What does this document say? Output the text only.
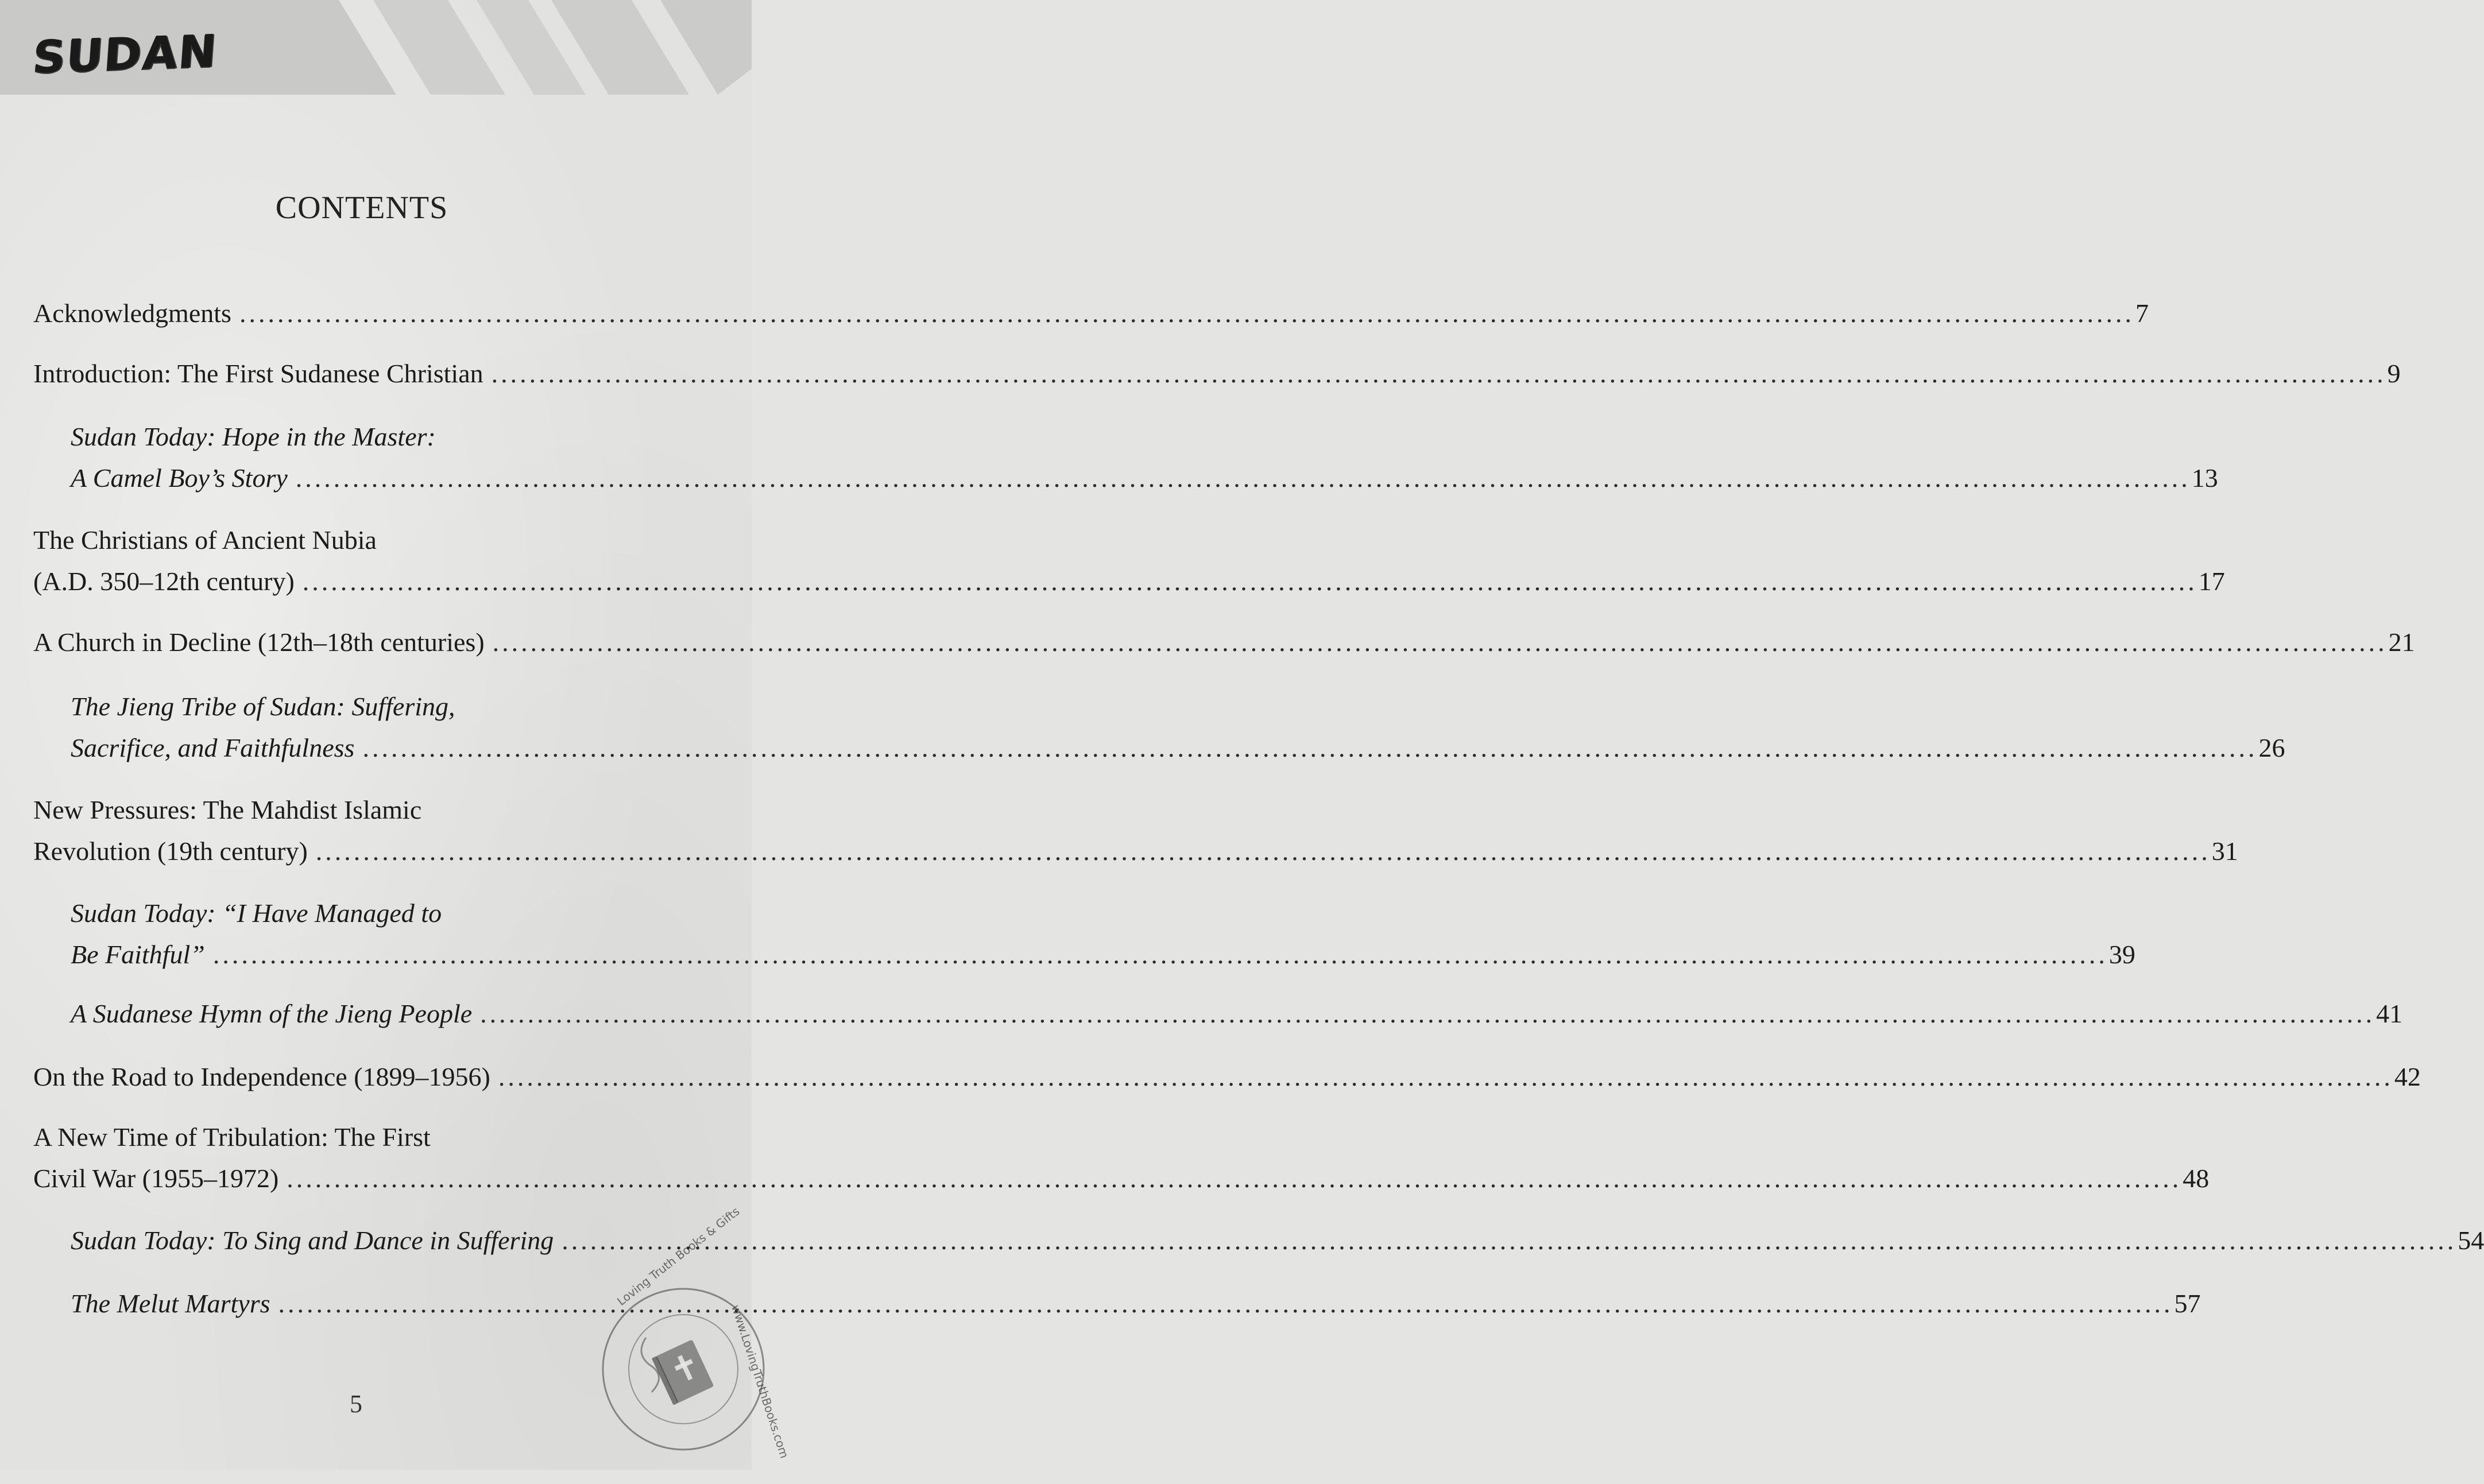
SUDAN
CONTENTS
Acknowledgments ........................................................................................................................................................................................................ 7
Introduction: The First Sudanese Christian ........................................................................................................................................................................................................ 9
Sudan Today: Hope in the Master:
A Camel Boy’s Story ........................................................................................................................................................................................................ 13
The Christians of Ancient Nubia
(A.D. 350–12th century) ........................................................................................................................................................................................................ 17
A Church in Decline (12th–18th centuries) ........................................................................................................................................................................................................ 21
The Jieng Tribe of Sudan: Suffering,
Sacrifice, and Faithfulness ........................................................................................................................................................................................................ 26
New Pressures: The Mahdist Islamic
Revolution (19th century) ........................................................................................................................................................................................................ 31
Sudan Today: “I Have Managed to
Be Faithful” ........................................................................................................................................................................................................ 39
A Sudanese Hymn of the Jieng People ........................................................................................................................................................................................................ 41
On the Road to Independence (1899–1956) ........................................................................................................................................................................................................ 42
A New Time of Tribulation: The First
Civil War (1955–1972) ........................................................................................................................................................................................................ 48
Sudan Today: To Sing and Dance in Suffering ........................................................................................................................................................................................................ 54
The Melut Martyrs ........................................................................................................................................................................................................ 57
5
Loving Truth Books & Gifts
www.LovingTruthBooks.com
